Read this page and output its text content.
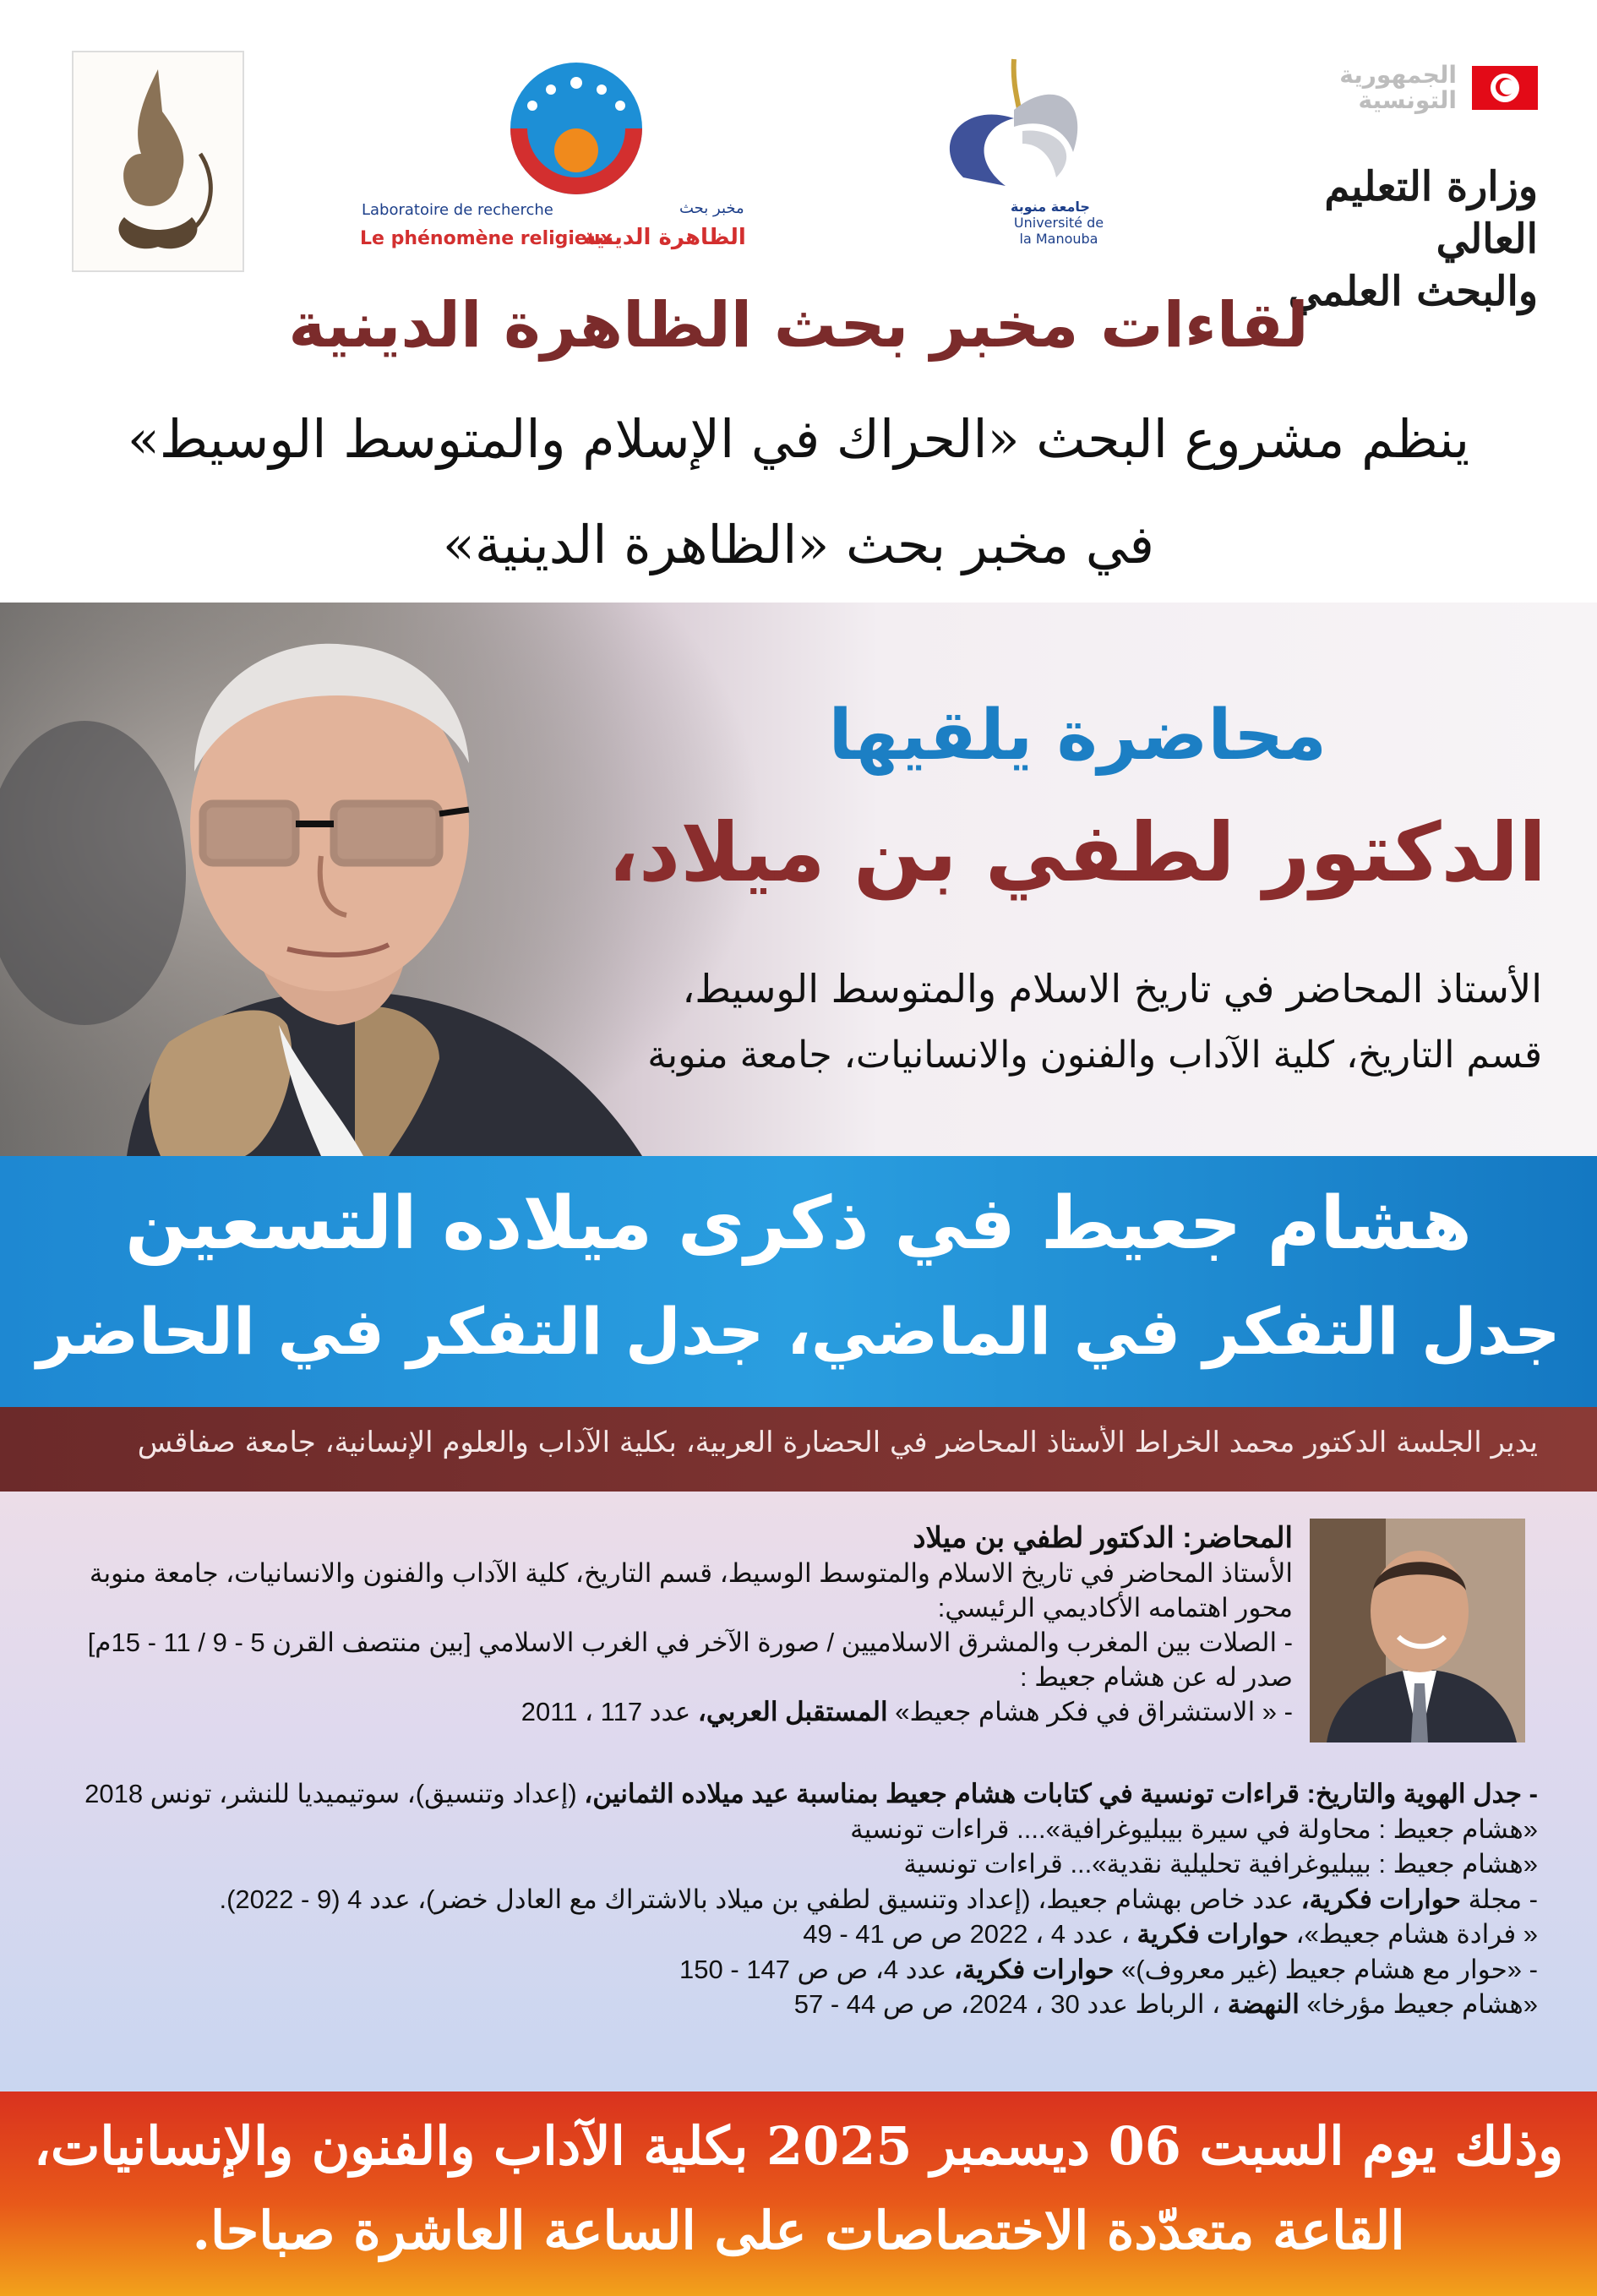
الجمهورية التونسية
وزارة التعليم العالي
والبحث العلمي
جامعة منوبة
Université de la Manouba
Laboratoire de recherche
Le phénomène religieux
مخبر بحث
الظاهرة الدينية
لقاءات مخبر بحث الظاهرة الدينية
ينظم مشروع البحث «الحراك في الإسلام والمتوسط الوسيط»
في مخبر بحث «الظاهرة الدينية»
محاضرة يلقيها
الدكتور لطفي بن ميلاد،
الأستاذ المحاضر في تاريخ الاسلام والمتوسط الوسيط،
قسم التاريخ، كلية الآداب والفنون والانسانيات، جامعة منوبة
هشام جعيط في ذكرى ميلاده التسعين
جدل التفكر في الماضي، جدل التفكر في الحاضر
يدير الجلسة الدكتور محمد الخراط الأستاذ المحاضر في الحضارة العربية، بكلية الآداب والعلوم الإنسانية، جامعة صفاقس
المحاضر: الدكتور لطفي بن ميلاد
الأستاذ المحاضر في تاريخ الاسلام والمتوسط الوسيط، قسم التاريخ، كلية الآداب والفنون والانسانيات، جامعة منوبة
محور اهتمامه الأكاديمي الرئيسي:
- الصلات بين المغرب والمشرق الاسلاميين / صورة الآخر في الغرب الاسلامي [بين منتصف القرن 5 - 9 / 11 - 15م]
صدر له عن هشام جعيط :
- « الاستشراق في فكر هشام جعيط» المستقبل العربي، عدد 117 ، 2011
- جدل الهوية والتاريخ: قراءات تونسية في كتابات هشام جعيط بمناسبة عيد ميلاده الثمانين، (إعداد وتنسيق)، سوتيميديا للنشر، تونس 2018
«هشام جعيط : محاولة في سيرة بيبليوغرافية».... قراءات تونسية
«هشام جعيط : بيبليوغرافية تحليلية نقدية»... قراءات تونسية
- مجلة حوارات فكرية، عدد خاص بهشام جعيط، (إعداد وتنسيق لطفي بن ميلاد بالاشتراك مع العادل خضر)، عدد 4 (9 - 2022).
« فرادة هشام جعيط»، حوارات فكرية ، عدد 4 ، 2022 ص ص 41 - 49
- «حوار مع هشام جعيط (غير معروف)» حوارات فكرية، عدد 4، ص ص 147 - 150
«هشام جعيط مؤرخا» النهضة ، الرباط عدد 30 ، 2024، ص ص 44 - 57
وذلك يوم السبت 06 ديسمبر 2025 بكلية الآداب والفنون والإنسانيات،
القاعة متعدّدة الاختصاصات على الساعة العاشرة صباحا.
